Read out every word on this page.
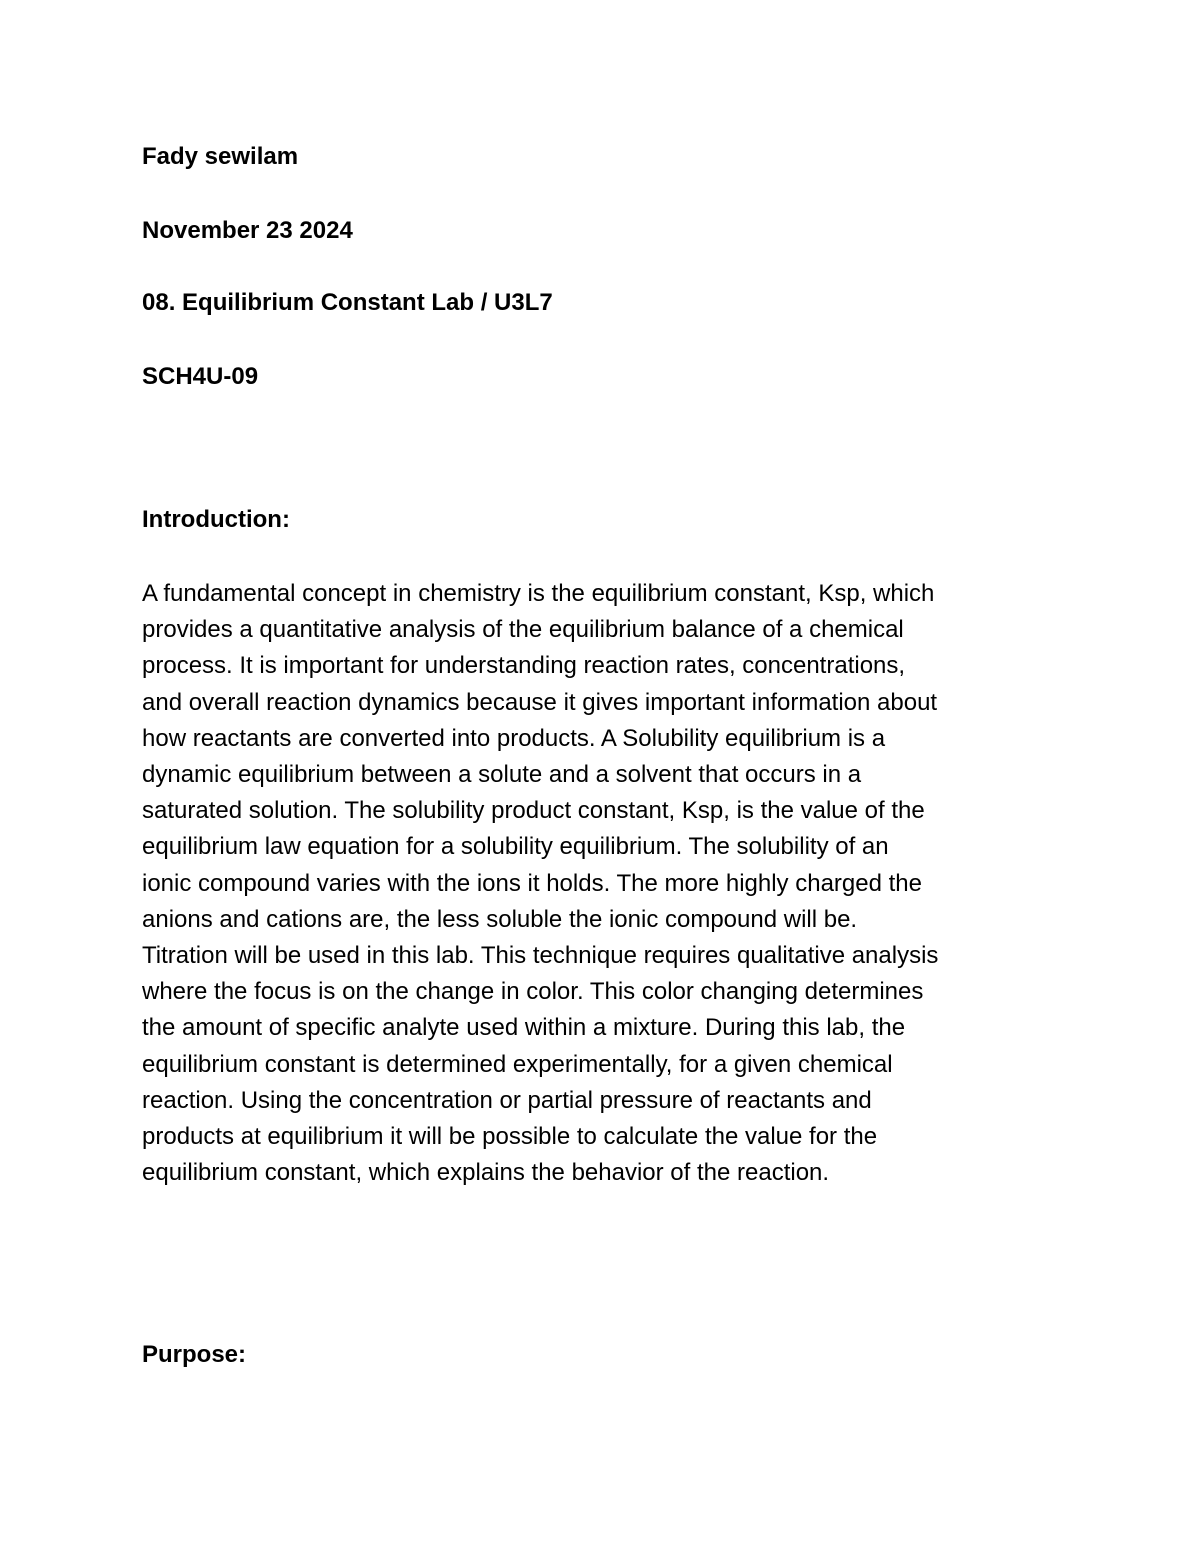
Fady sewilam

November 23 2024

08. Equilibrium Constant Lab / U3L7

SCH4U-09

Introduction:

A fundamental concept in chemistry is the equilibrium constant, Ksp, which
provides a quantitative analysis of the equilibrium balance of a chemical
process. It is important for understanding reaction rates, concentrations,
and overall reaction dynamics because it gives important information about
how reactants are converted into products. A Solubility equilibrium is a
dynamic equilibrium between a solute and a solvent that occurs in a
saturated solution. The solubility product constant, Ksp, is the value of the
equilibrium law equation for a solubility equilibrium. The solubility of an
ionic compound varies with the ions it holds. The more highly charged the
anions and cations are, the less soluble the ionic compound will be.
Titration will be used in this lab. This technique requires qualitative analysis
where the focus is on the change in color. This color changing determines
the amount of specific analyte used within a mixture. During this lab, the
equilibrium constant is determined experimentally, for a given chemical
reaction. Using the concentration or partial pressure of reactants and
products at equilibrium it will be possible to calculate the value for the
equilibrium constant, which explains the behavior of the reaction.

Purpose:
